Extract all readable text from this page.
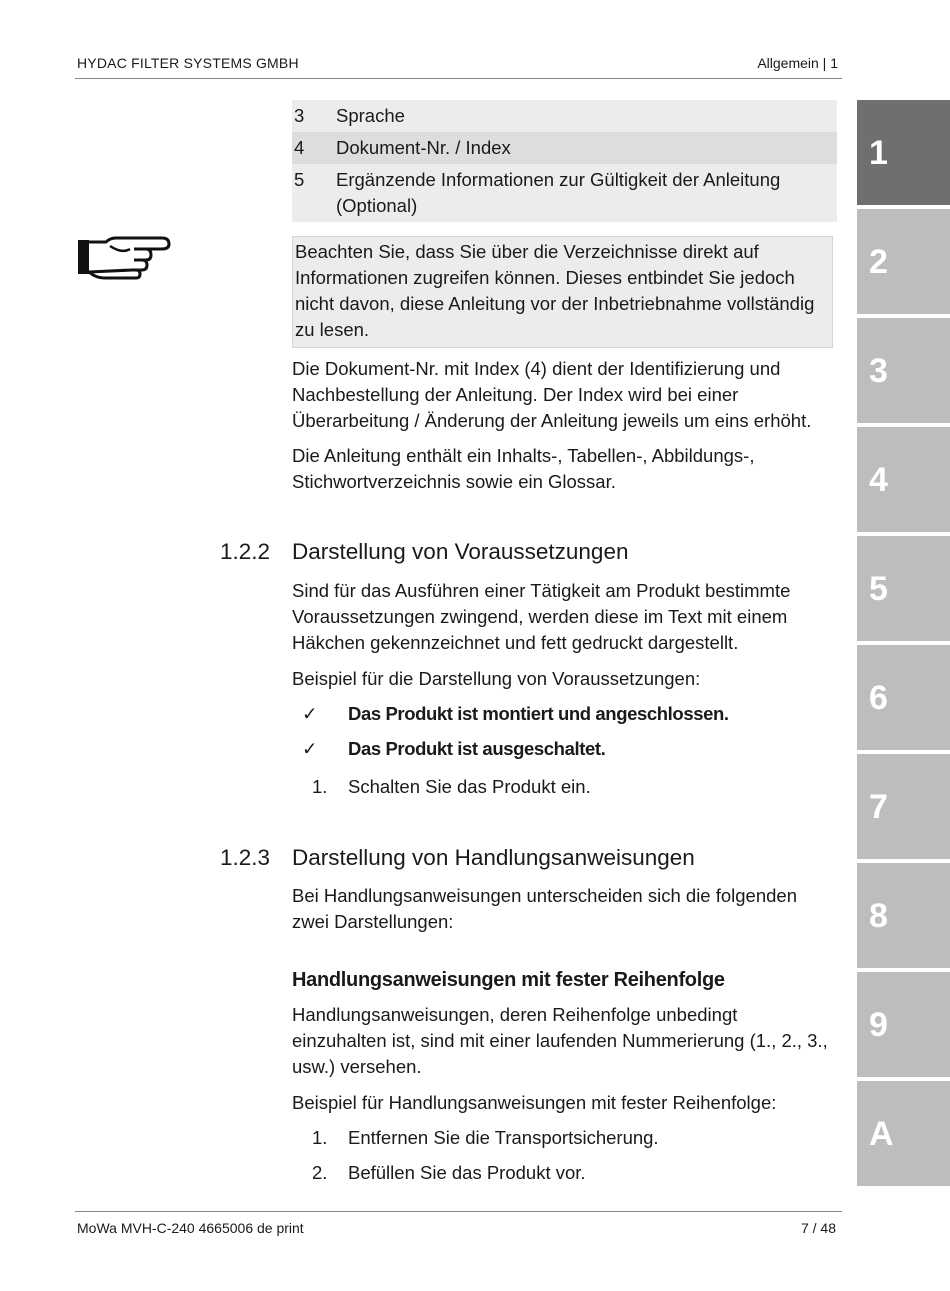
HYDAC FILTER SYSTEMS GMBH	Allgemein | 1
1
2
3
4
5
6
7
8
9
A
3	Sprache
4	Dokument-Nr. / Index
5	Ergänzende Informationen zur Gültigkeit der Anleitung (Optional)
Beachten Sie, dass Sie über die Verzeichnisse direkt auf Informationen zugreifen können. Dieses entbindet Sie jedoch nicht davon, diese Anleitung vor der Inbetriebnahme vollständig zu lesen.
Die Dokument-Nr. mit Index (4) dient der Identifizierung und Nachbestellung der Anleitung. Der Index wird bei einer Überarbeitung / Änderung der Anleitung jeweils um eins erhöht.
Die Anleitung enthält ein Inhalts-, Tabellen-, Abbildungs-, Stichwortverzeichnis sowie ein Glossar.
1.2.2 Darstellung von Voraussetzungen
Sind für das Ausführen einer Tätigkeit am Produkt bestimmte Voraussetzungen zwingend, werden diese im Text mit einem Häkchen gekennzeichnet und fett gedruckt dargestellt.
Beispiel für die Darstellung von Voraussetzungen:
✓ Das Produkt ist montiert und angeschlossen.
✓ Das Produkt ist ausgeschaltet.
1. Schalten Sie das Produkt ein.
1.2.3 Darstellung von Handlungsanweisungen
Bei Handlungsanweisungen unterscheiden sich die folgenden zwei Darstellungen:
Handlungsanweisungen mit fester Reihenfolge
Handlungsanweisungen, deren Reihenfolge unbedingt einzuhalten ist, sind mit einer laufenden Nummerierung (1., 2., 3., usw.) versehen.
Beispiel für Handlungsanweisungen mit fester Reihenfolge:
1. Entfernen Sie die Transportsicherung.
2. Befüllen Sie das Produkt vor.
MoWa MVH-C-240 4665006 de print	7 / 48
